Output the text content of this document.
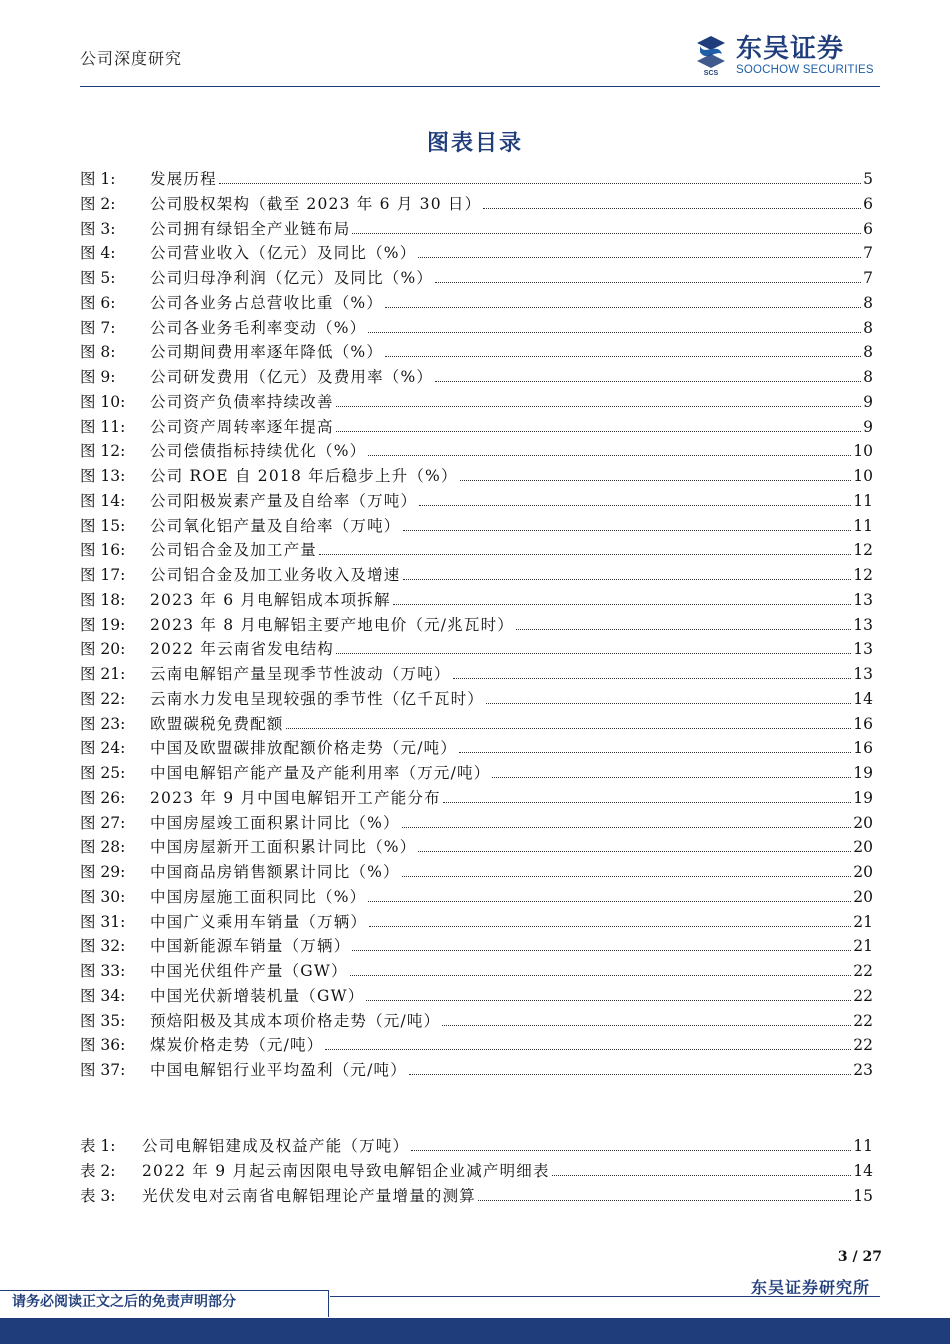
公司深度研究
SCS
东吴证券
SOOCHOW SECURITIES
图表目录
图 1:	发展历程	5
图 2:	公司股权架构（截至 2023 年 6 月 30 日）	6
图 3:	公司拥有绿铝全产业链布局	6
图 4:	公司营业收入（亿元）及同比（%）	7
图 5:	公司归母净利润（亿元）及同比（%）	7
图 6:	公司各业务占总营收比重（%）	8
图 7:	公司各业务毛利率变动（%）	8
图 8:	公司期间费用率逐年降低（%）	8
图 9:	公司研发费用（亿元）及费用率（%）	8
图 10:	公司资产负债率持续改善	9
图 11:	公司资产周转率逐年提高	9
图 12:	公司偿债指标持续优化（%）	10
图 13:	公司 ROE 自 2018 年后稳步上升（%）	10
图 14:	公司阳极炭素产量及自给率（万吨）	11
图 15:	公司氧化铝产量及自给率（万吨）	11
图 16:	公司铝合金及加工产量	12
图 17:	公司铝合金及加工业务收入及增速	12
图 18:	2023 年 6 月电解铝成本项拆解	13
图 19:	2023 年 8 月电解铝主要产地电价（元/兆瓦时）	13
图 20:	2022 年云南省发电结构	13
图 21:	云南电解铝产量呈现季节性波动（万吨）	13
图 22:	云南水力发电呈现较强的季节性（亿千瓦时）	14
图 23:	欧盟碳税免费配额	16
图 24:	中国及欧盟碳排放配额价格走势（元/吨）	16
图 25:	中国电解铝产能产量及产能利用率（万元/吨）	19
图 26:	2023 年 9 月中国电解铝开工产能分布	19
图 27:	中国房屋竣工面积累计同比（%）	20
图 28:	中国房屋新开工面积累计同比（%）	20
图 29:	中国商品房销售额累计同比（%）	20
图 30:	中国房屋施工面积同比（%）	20
图 31:	中国广义乘用车销量（万辆）	21
图 32:	中国新能源车销量（万辆）	21
图 33:	中国光伏组件产量（GW）	22
图 34:	中国光伏新增装机量（GW）	22
图 35:	预焙阳极及其成本项价格走势（元/吨）	22
图 36:	煤炭价格走势（元/吨）	22
图 37:	中国电解铝行业平均盈利（元/吨）	23
表 1:	公司电解铝建成及权益产能（万吨）	11
表 2:	2022 年 9 月起云南因限电导致电解铝企业减产明细表	14
表 3:	光伏发电对云南省电解铝理论产量增量的测算	15
3 / 27
东吴证券研究所
请务必阅读正文之后的免责声明部分
